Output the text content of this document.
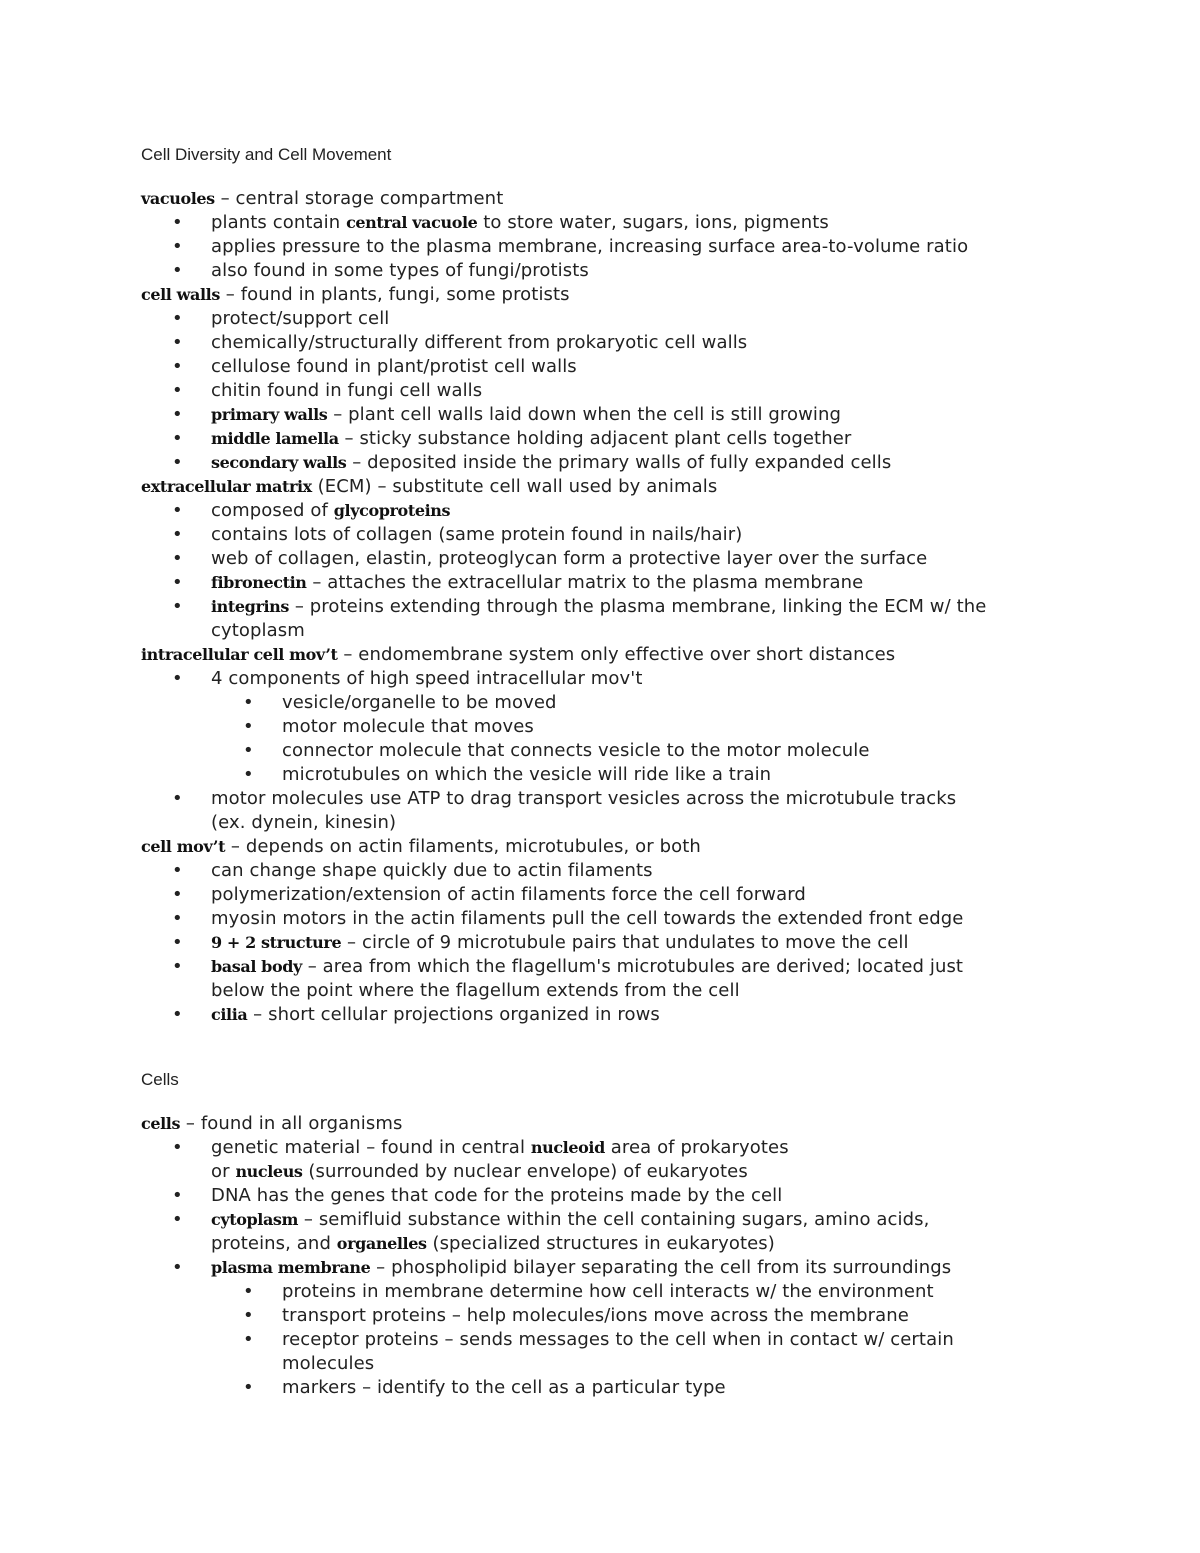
Cell Diversity and Cell Movement

vacuoles – central storage compartment

• plants contain central vacuole to store water, sugars, ions, pigments

• applies pressure to the plasma membrane, increasing surface area-to-volume ratio

• also found in some types of fungi/protists

cell walls – found in plants, fungi, some protists

• protect/support cell

• chemically/structurally different from prokaryotic cell walls

• cellulose found in plant/protist cell walls

• chitin found in fungi cell walls

• primary walls – plant cell walls laid down when the cell is still growing

• middle lamella – sticky substance holding adjacent plant cells together

• secondary walls – deposited inside the primary walls of fully expanded cells

extracellular matrix (ECM) – substitute cell wall used by animals

• composed of glycoproteins

• contains lots of collagen (same protein found in nails/hair)

• web of collagen, elastin, proteoglycan form a protective layer over the surface

• fibronectin – attaches the extracellular matrix to the plasma membrane

• integrins – proteins extending through the plasma membrane, linking the ECM w/ the

cytoplasm

intracellular cell mov’t – endomembrane system only effective over short distances

• 4 components of high speed intracellular mov't

• vesicle/organelle to be moved

• motor molecule that moves

• connector molecule that connects vesicle to the motor molecule

• microtubules on which the vesicle will ride like a train

• motor molecules use ATP to drag transport vesicles across the microtubule tracks

(ex. dynein, kinesin)

cell mov’t – depends on actin filaments, microtubules, or both

• can change shape quickly due to actin filaments

• polymerization/extension of actin filaments force the cell forward

• myosin motors in the actin filaments pull the cell towards the extended front edge

• 9 + 2 structure – circle of 9 microtubule pairs that undulates to move the cell

• basal body – area from which the flagellum's microtubules are derived; located just

below the point where the flagellum extends from the cell

• cilia – short cellular projections organized in rows

Cells

cells – found in all organisms

• genetic material – found in central nucleoid area of prokaryotes

or nucleus (surrounded by nuclear envelope) of eukaryotes

• DNA has the genes that code for the proteins made by the cell

• cytoplasm – semifluid substance within the cell containing sugars, amino acids,

proteins, and organelles (specialized structures in eukaryotes)

• plasma membrane – phospholipid bilayer separating the cell from its surroundings

• proteins in membrane determine how cell interacts w/ the environment

• transport proteins – help molecules/ions move across the membrane

• receptor proteins – sends messages to the cell when in contact w/ certain

molecules

• markers – identify to the cell as a particular type
